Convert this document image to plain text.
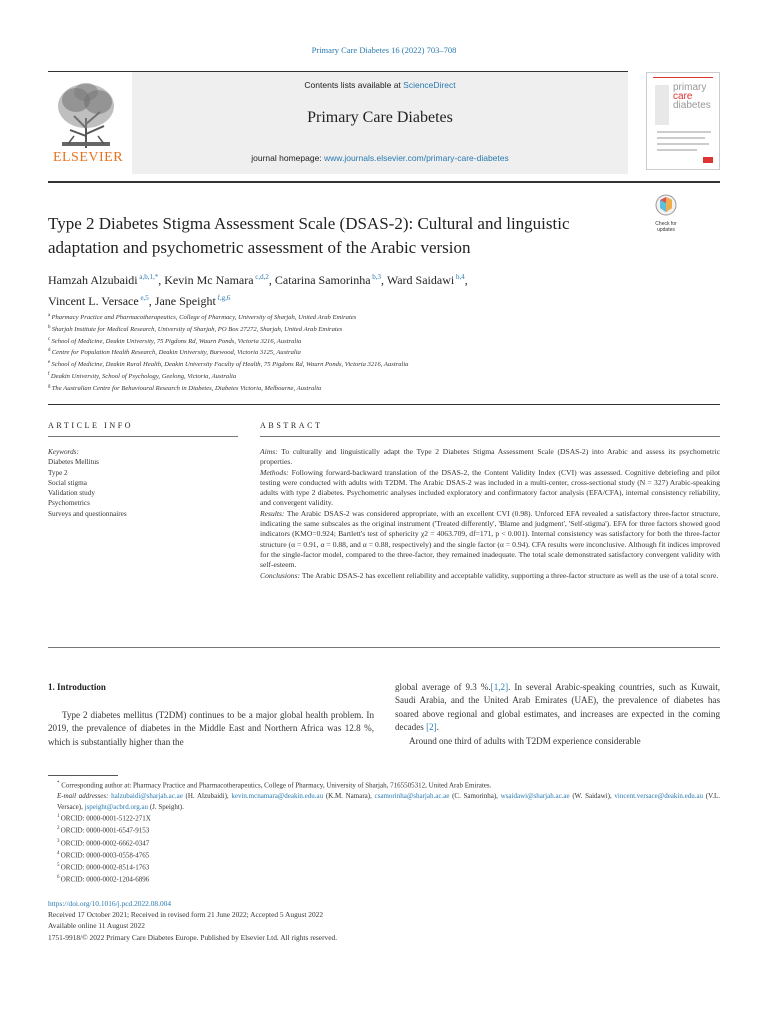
Primary Care Diabetes 16 (2022) 703–708
ELSEVIER
Contents lists available at ScienceDirect
Primary Care Diabetes
journal homepage: www.journals.elsevier.com/primary-care-diabetes
primary
care
diabetes
Check for
updates
Type 2 Diabetes Stigma Assessment Scale (DSAS-2): Cultural and linguistic adaptation and psychometric assessment of the Arabic version
Hamzah Alzubaidi $^{a,b,1,*}$, Kevin Mc Namara $^{c,d,2}$, Catarina Samorinha $^{b,3}$, Ward Saidawi $^{b,4}$,
Vincent L. Versace $^{e,5}$, Jane Speight $^{f,g,6}$
$^a$ Pharmacy Practice and Pharmacotherapeutics, College of Pharmacy, University of Sharjah, United Arab Emirates
$^b$ Sharjah Institute for Medical Research, University of Sharjah, PO Box 27272, Sharjah, United Arab Emirates
$^c$ School of Medicine, Deakin University, 75 Pigdons Rd, Waurn Ponds, Victoria 3216, Australia
$^d$ Centre for Population Health Research, Deakin University, Burwood, Victoria 3125, Australia
$^e$ School of Medicine, Deakin Rural Health, Deakin University Faculty of Health, 75 Pigdons Rd, Waurn Ponds, Victoria 3216, Australia
$^f$ Deakin University, School of Psychology, Geelong, Victoria, Australia
$^g$ The Australian Centre for Behavioural Research in Diabetes, Diabetes Victoria, Melbourne, Australia
ARTICLE INFO	ABSTRACT
Keywords:
Diabetes Mellitus
Type 2
Social stigma
Validation study
Psychometrics
Surveys and questionnaires
Aims: To culturally and linguistically adapt the Type 2 Diabetes Stigma Assessment Scale (DSAS-2) into Arabic and assess its psychometric properties.
Methods: Following forward-backward translation of the DSAS-2, the Content Validity Index (CVI) was assessed. Cognitive debriefing and pilot testing were conducted with adults with T2DM. The Arabic DSAS-2 was included in a multi-center, cross-sectional study (N = 327) Arabic-speaking adults with type 2 diabetes. Psychometric analyses included exploratory and confirmatory factor analysis (EFA/CFA), internal consistency reliability, and convergent validity.
Results: The Arabic DSAS-2 was considered appropriate, with an excellent CVI (0.98). Unforced EFA revealed a satisfactory three-factor structure, indicating the same subscales as the original instrument ('Treated differently', 'Blame and judgment', 'Self-stigma'). EFA for three factors showed good indicators (KMO=0.924; Bartlett's test of sphericity χ2 = 4063.709, df=171, p < 0.001). Internal consistency was satisfactory for both the three-factor structure (α = 0.91, α = 0.88, and α = 0.88, respectively) and the single factor (α = 0.94). CFA results were inconclusive. Although fit indices improved for the single-factor model, compared to the three-factor, they remained inadequate. The total scale demonstrated satisfactory convergent validity with self-esteem.
Conclusions: The Arabic DSAS-2 has excellent reliability and acceptable validity, supporting a three-factor structure as well as the use of a total score.
1. Introduction
Type 2 diabetes mellitus (T2DM) continues to be a major global health problem. In 2019, the prevalence of diabetes in the Middle East and Northern Africa was 12.8 %, which is substantially higher than the
global average of 9.3 %.[1,2]. In several Arabic-speaking countries, such as Kuwait, Saudi Arabia, and the United Arab Emirates (UAE), the prevalence of diabetes has soared above regional and global estimates, and increases are expected in the coming decades [2].
Around one third of adults with T2DM experience considerable
* Corresponding author at: Pharmacy Practice and Pharmacotherapeutics, College of Pharmacy, University of Sharjah, 7165505312, United Arab Emirates.
E-mail addresses: halzubaidi@sharjah.ac.ae (H. Alzubaidi), kevin.mcnamara@deakin.edu.au (K.M. Namara), csamorinha@sharjah.ac.ae (C. Samorinha), wsaidawi@sharjah.ac.ae (W. Saidawi), vincent.versace@deakin.edu.au (V.L. Versace), jspeight@acbrd.org.au (J. Speight).
$^1$ ORCID: 0000-0001-5122-271X
$^2$ ORCID: 0000-0001-6547-9153
$^3$ ORCID: 0000-0002-6662-0347
$^4$ ORCID: 0000-0003-0558-4765
$^5$ ORCID: 0000-0002-8514-1763
$^6$ ORCID: 0000-0002-1204-6896
https://doi.org/10.1016/j.pcd.2022.08.004
Received 17 October 2021; Received in revised form 21 June 2022; Accepted 5 August 2022
Available online 11 August 2022
1751-9918/© 2022 Primary Care Diabetes Europe. Published by Elsevier Ltd. All rights reserved.
